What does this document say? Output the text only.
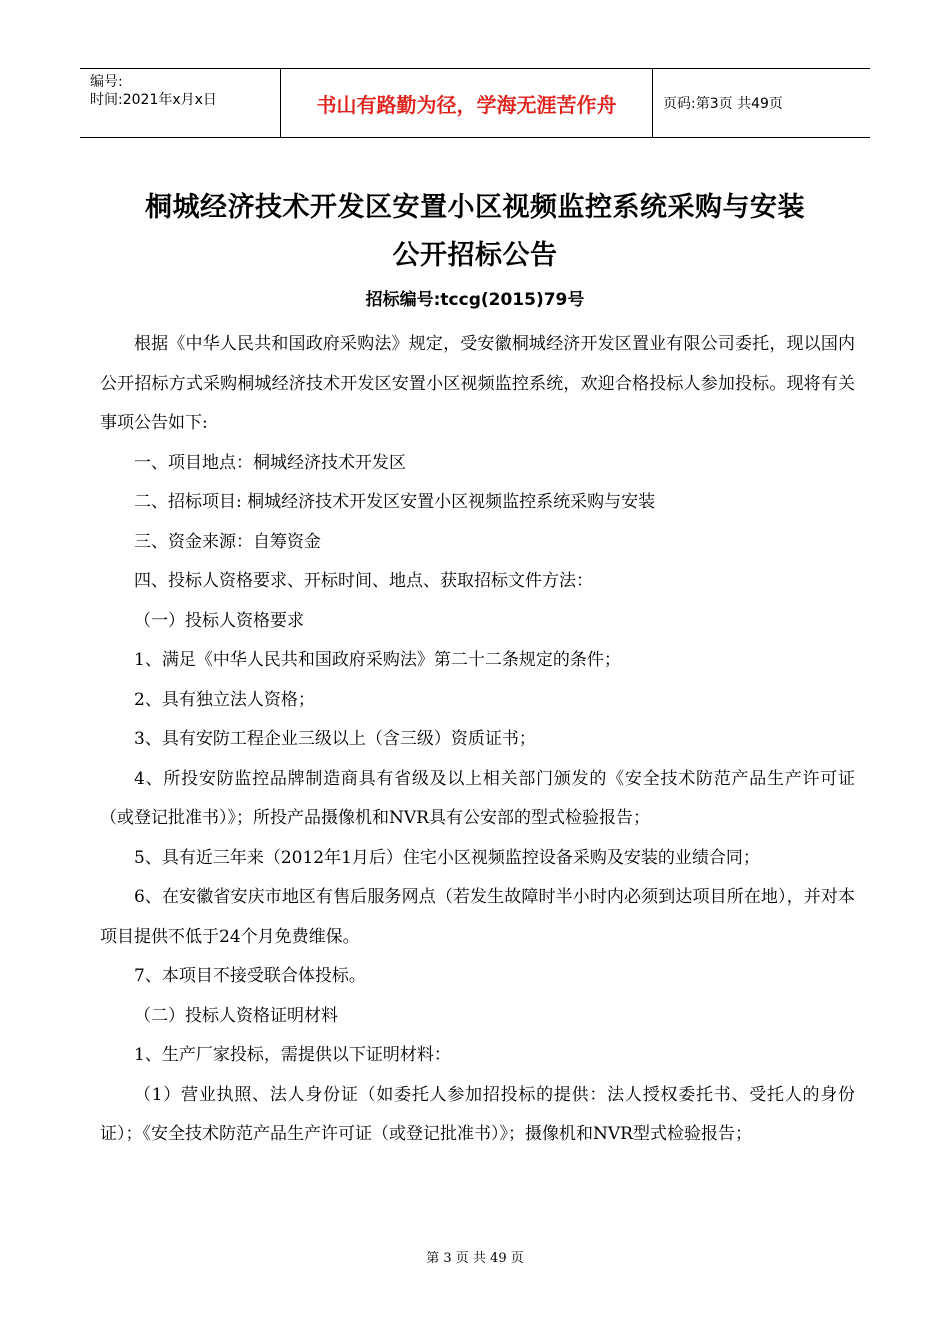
编号:
时间:2021年x月x日	书山有路勤为径，学海无涯苦作舟	页码:第3页 共49页
桐城经济技术开发区安置小区视频监控系统采购与安装
公开招标公告
招标编号:tccg(2015)79号

根据《中华人民共和国政府采购法》规定，受安徽桐城经济开发区置业有限公司委托，现以国内公开招标方式采购桐城经济技术开发区安置小区视频监控系统，欢迎合格投标人参加投标。现将有关事项公告如下:

一、项目地点：桐城经济技术开发区

二、招标项目: 桐城经济技术开发区安置小区视频监控系统采购与安装

三、资金来源：自筹资金

四、投标人资格要求、开标时间、地点、获取招标文件方法：

（一）投标人资格要求

1、满足《中华人民共和国政府采购法》第二十二条规定的条件；

2、具有独立法人资格；

3、具有安防工程企业三级以上（含三级）资质证书；

4、所投安防监控品牌制造商具有省级及以上相关部门颁发的《安全技术防范产品生产许可证（或登记批准书）》；所投产品摄像机和NVR具有公安部的型式检验报告；

5、具有近三年来（2012年1月后）住宅小区视频监控设备采购及安装的业绩合同；

6、在安徽省安庆市地区有售后服务网点（若发生故障时半小时内必须到达项目所在地），并对本项目提供不低于24个月免费维保。

7、本项目不接受联合体投标。

（二）投标人资格证明材料

1、生产厂家投标，需提供以下证明材料：

（1）营业执照、法人身份证（如委托人参加招投标的提供：法人授权委托书、受托人的身份证）；《安全技术防范产品生产许可证（或登记批准书）》；摄像机和NVR型式检验报告；

第 3 页 共 49 页
